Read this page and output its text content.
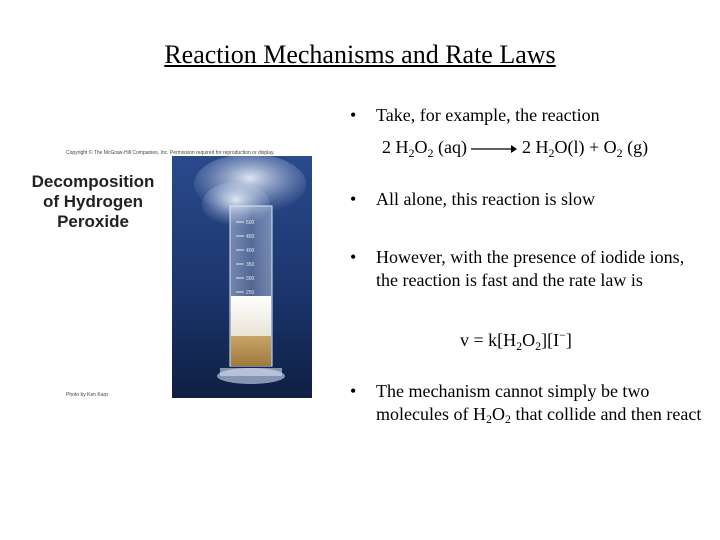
Reaction Mechanisms and Rate Laws
500
450
400
350
300
250
Copyright © The McGraw-Hill Companies, Inc. Permission required for reproduction or display.
Decomposition
of Hydrogen
Peroxide
Photo by Ken Karp
• Take, for example, the reaction
2 $H_2O_2$ (aq) → 2 $H_2O(l) + O_2$ (g)
• All alone, this reaction is slow
• However, with the presence of iodide ions, the reaction is fast and the rate law is
$v = k[H_2O_2][I^-]$
• The mechanism cannot simply be two molecules of $H_2O_2$ that collide and then react
